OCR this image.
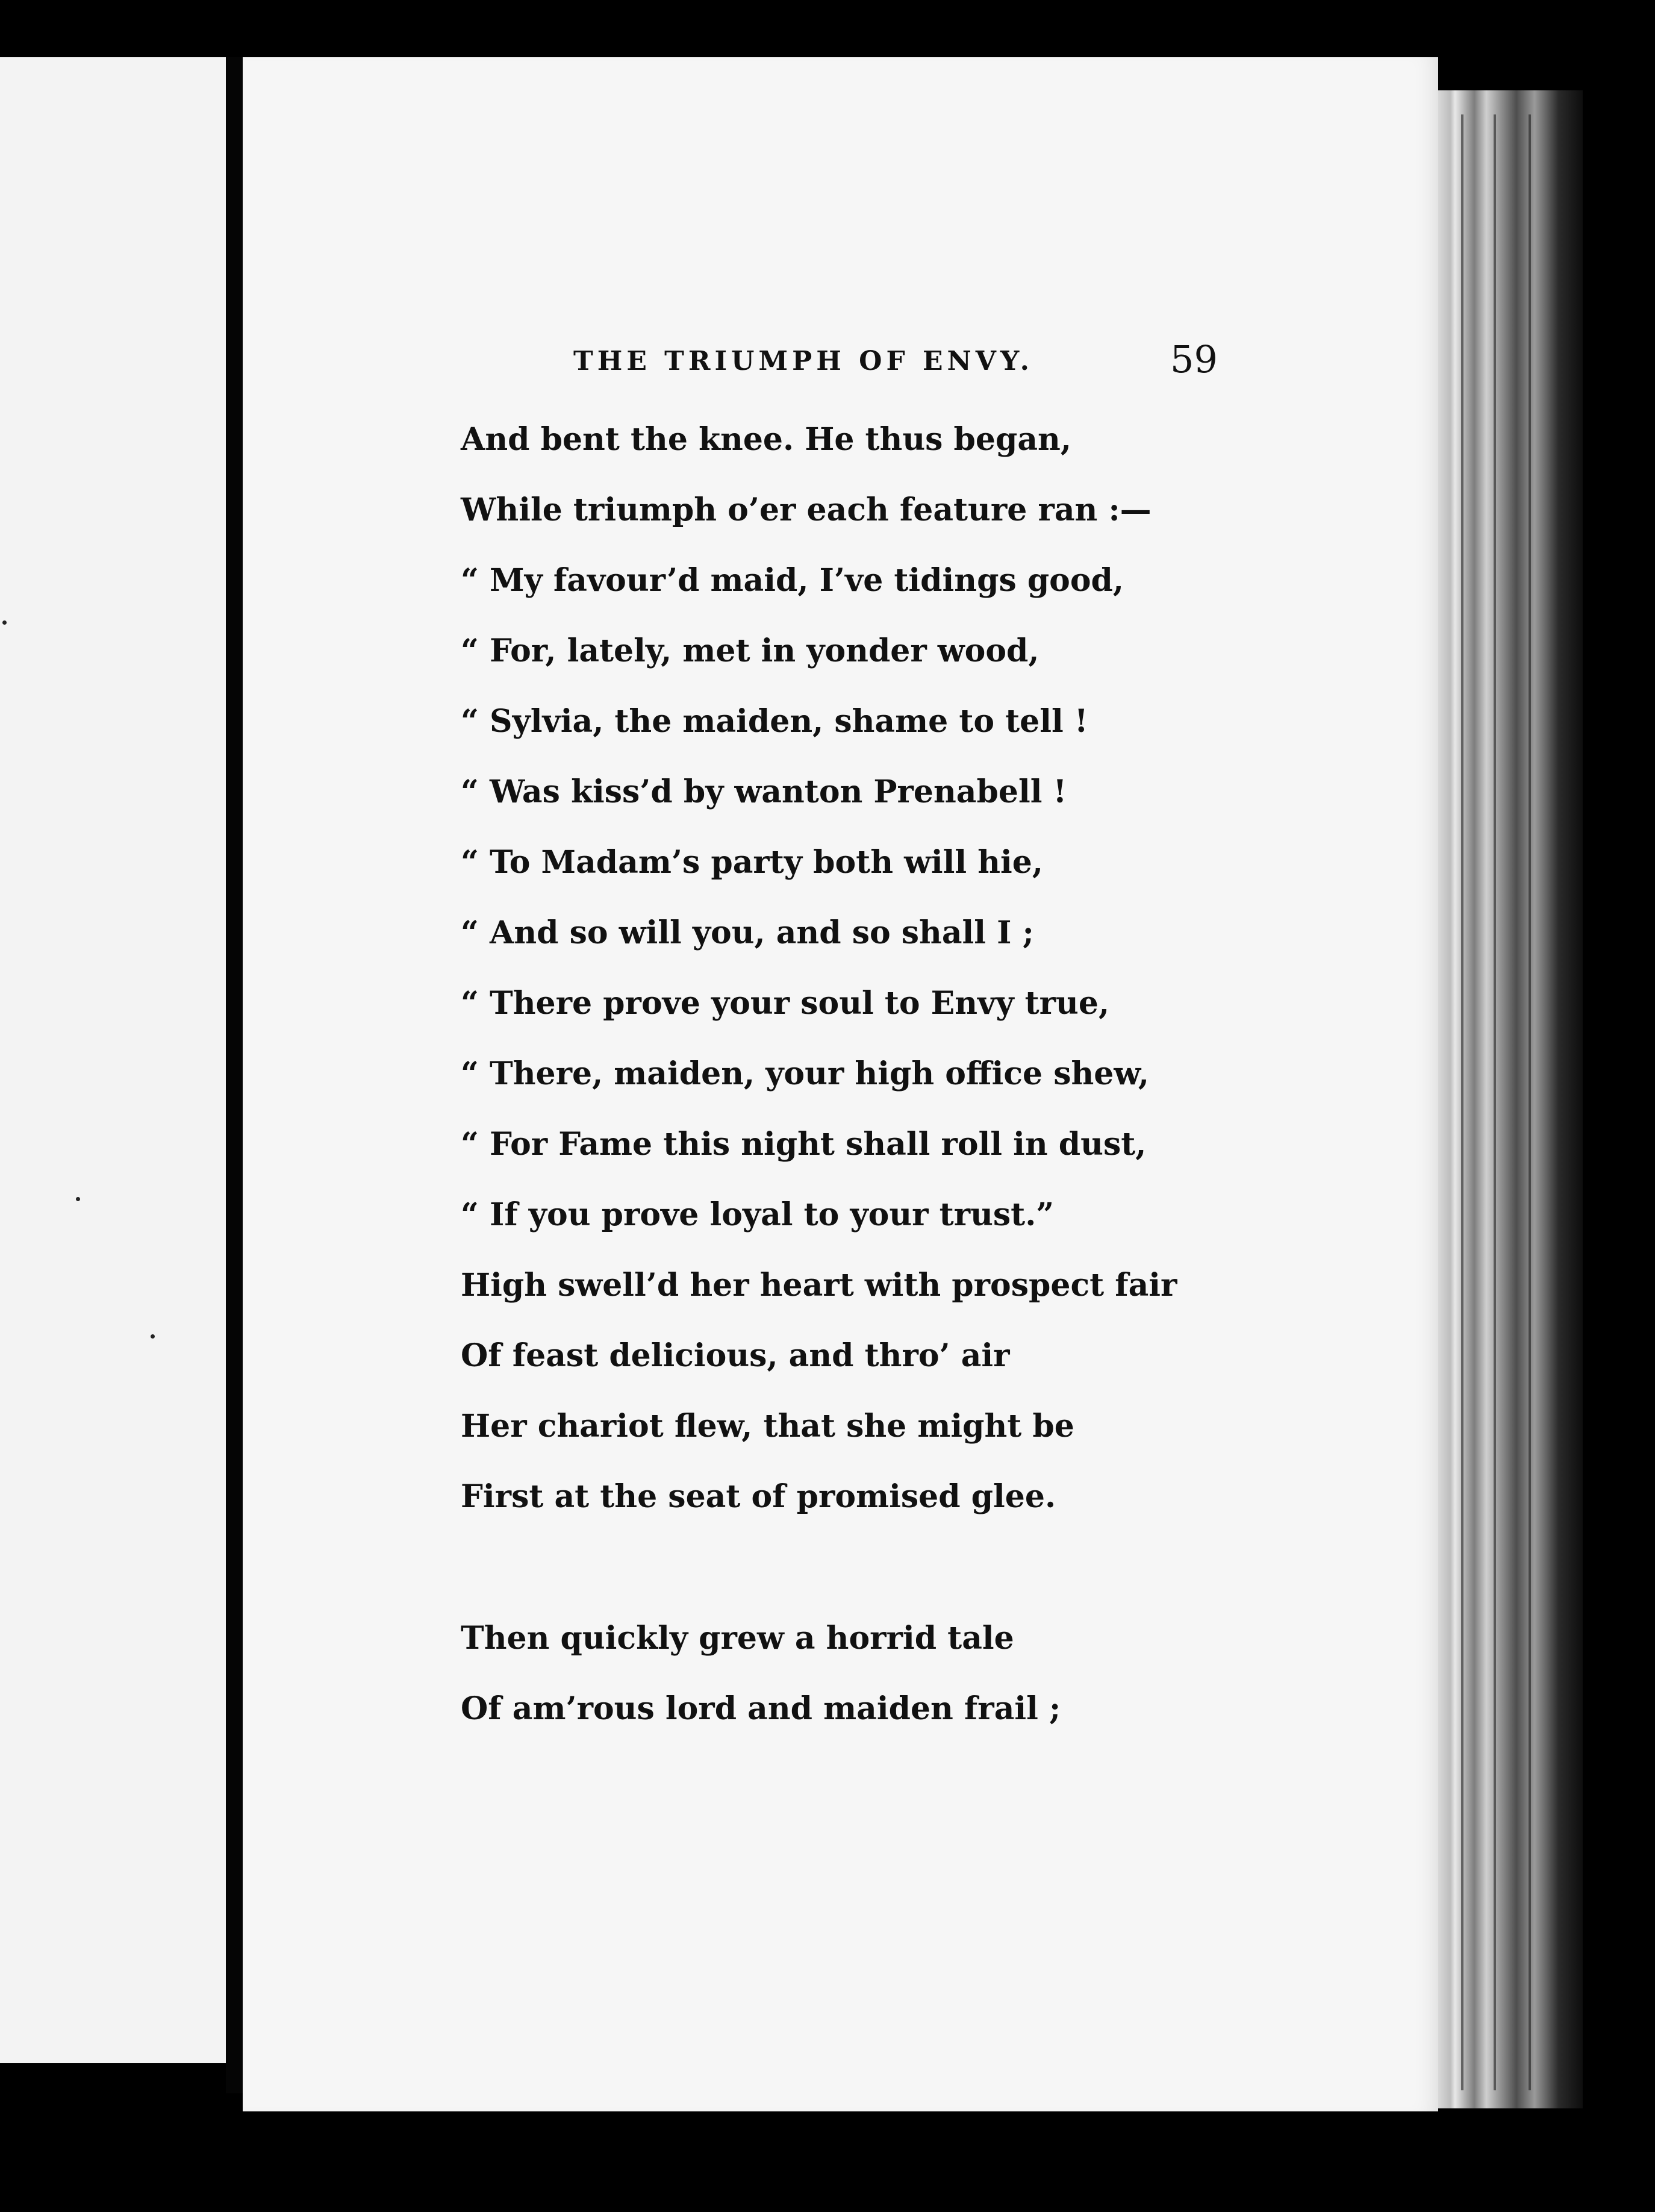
THE TRIUMPH OF ENVY.	59
And bent the knee. He thus began,
While triumph o’er each feature ran :—
“ My favour’d maid, I’ve tidings good,
“ For, lately, met in yonder wood,
“ Sylvia, the maiden, shame to tell !
“ Was kiss’d by wanton Prenabell !
“ To Madam’s party both will hie,
“ And so will you, and so shall I ;
“ There prove your soul to Envy true,
“ There, maiden, your high office shew,
“ For Fame this night shall roll in dust,
“ If you prove loyal to your trust.”
High swell’d her heart with prospect fair
Of feast delicious, and thro’ air
Her chariot flew, that she might be
First at the seat of promised glee.
Then quickly grew a horrid tale
Of am’rous lord and maiden frail ;
